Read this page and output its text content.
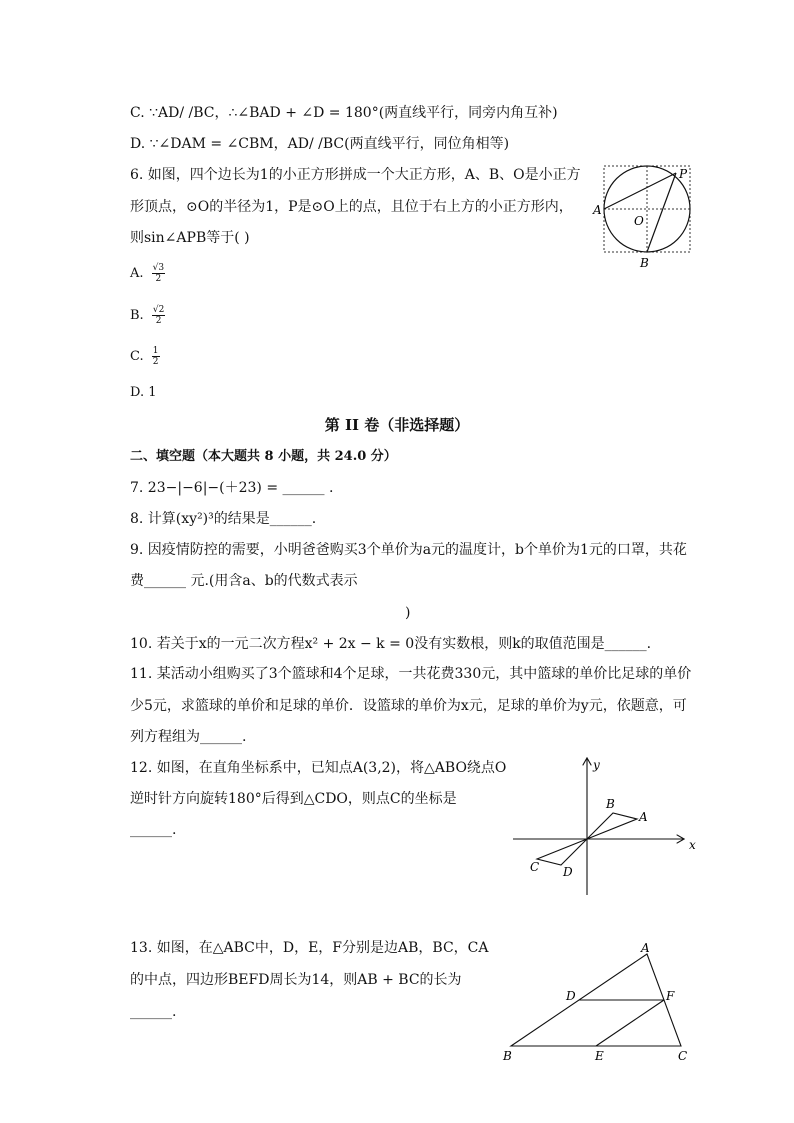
C. ∵AD/ /BC，∴∠BAD + ∠D = 180°(两直线平行，同旁内角互补)
D. ∵∠DAM = ∠CBM，AD/ /BC(两直线平行，同位角相等)
6. 如图，四个边长为1的小正方形拼成一个大正方形，A、B、O是小正方
形顶点，⊙O的半径为1，P是⊙O上的点，且位于右上方的小正方形内，
则sin∠APB等于( )
A. $\frac{√3}{2}$
B. $\frac{√2}{2}$
C. $\frac{1}{2}$
D. 1
A
B
O
P
第 II 卷（非选择题）
二、填空题（本大题共 8 小题，共 24.0 分）
7. 23−|−6|−(＋23) = ______ .
8. 计算(xy²)³的结果是______.
9. 因疫情防控的需要，小明爸爸购买3个单价为a元的温度计，b个单价为1元的口罩，共花
费______ 元.(用含a、b的代数式表示
)
10. 若关于x的一元二次方程x² + 2x − k = 0没有实数根，则k的取值范围是______.
11. 某活动小组购买了3个篮球和4个足球，一共花费330元，其中篮球的单价比足球的单价
少5元，求篮球的单价和足球的单价．设篮球的单价为x元，足球的单价为y元，依题意，可
列方程组为______.
12. 如图，在直角坐标系中，已知点A(3,2)，将△ABO绕点O
逆时针方向旋转180°后得到△CDO，则点C的坐标是
______.
x
y
B
A
C D
13. 如图，在△ABC中，D，E，F分别是边AB，BC，CA
的中点，四边形BEFD周长为14，则AB + BC的长为
______.
A
B	C
D
E
F
